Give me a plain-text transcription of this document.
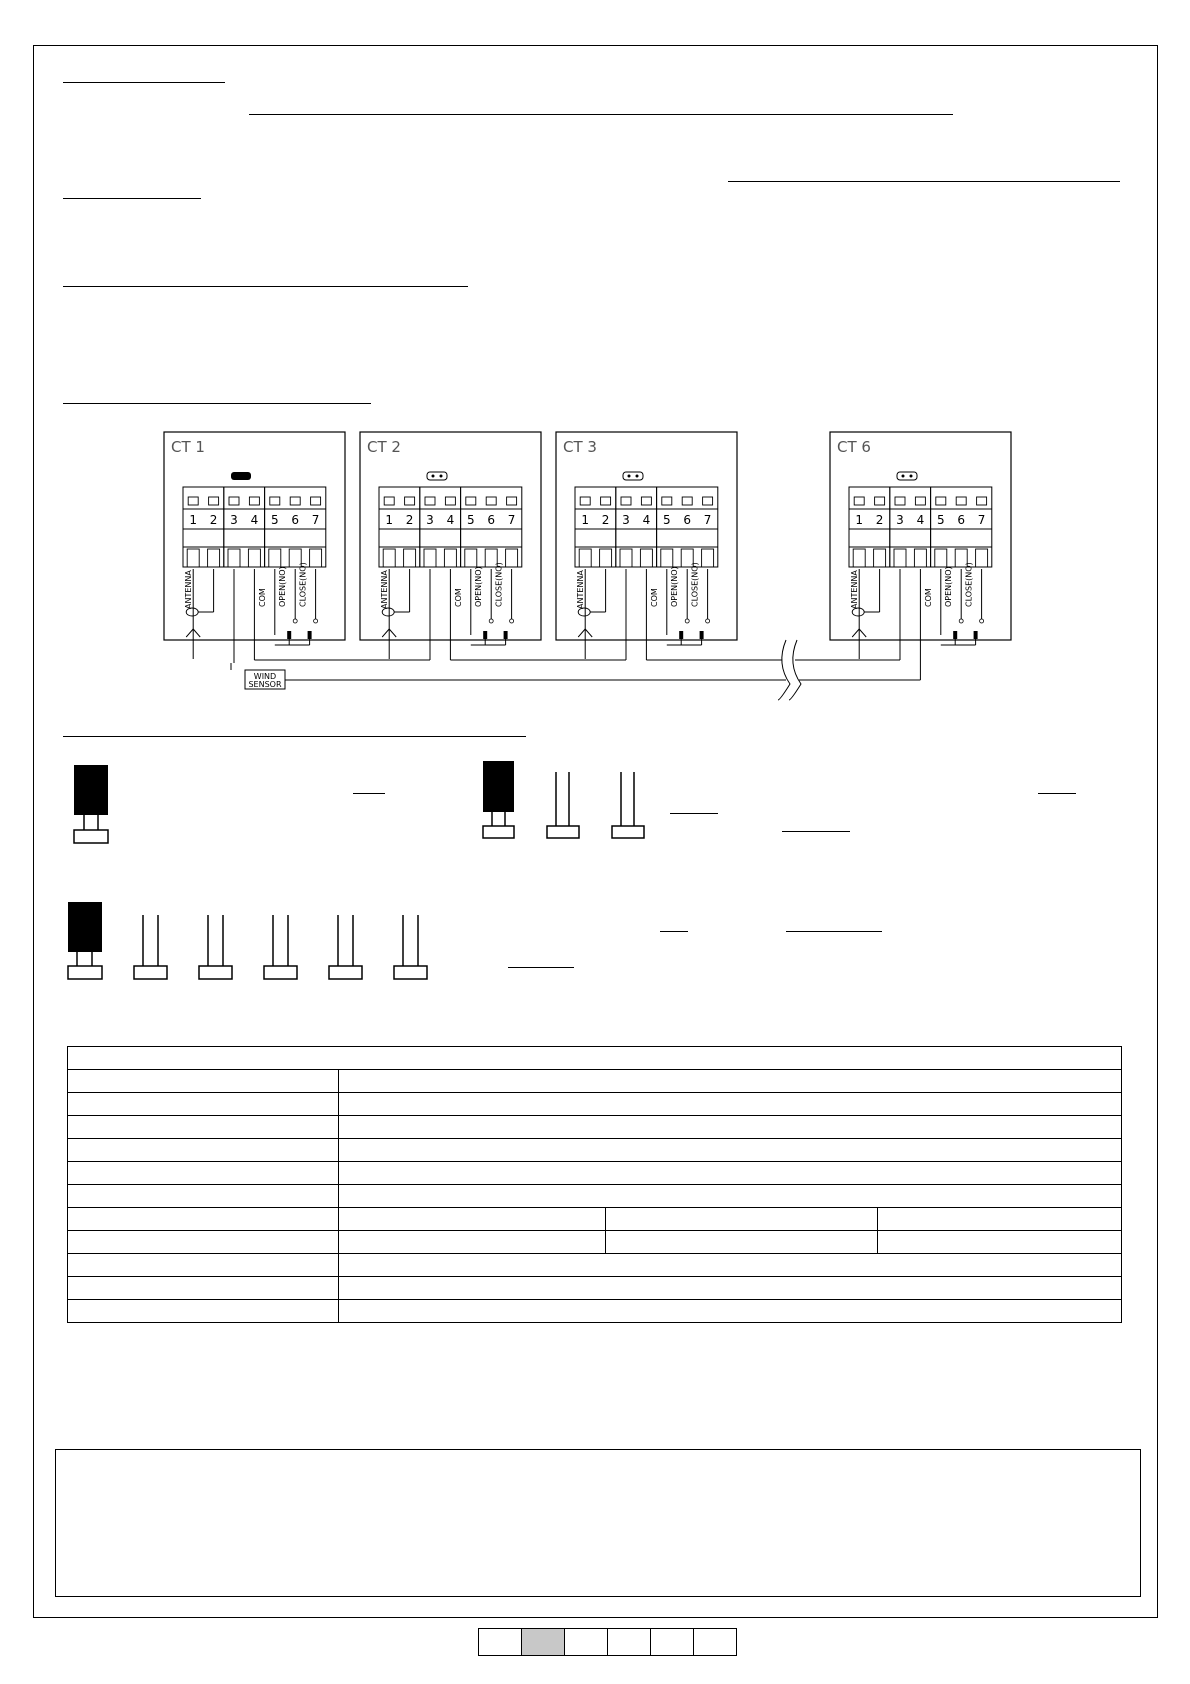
CT 1
1 2 3 4 5 6 7
ANTENNA	COM OPEN(NO) CLOSE(NO)
CT 2
1 2 3 4 5 6 7
ANTENNA	COM OPEN(NO) CLOSE(NO)
CT 3
1 2 3 4 5 6 7
ANTENNA	COM OPEN(NO) CLOSE(NO)
CT 6
1 2 3 4 5 6 7
ANTENNA	COM OPEN(NO) CLOSE(NO)
WIND
SENSOR
